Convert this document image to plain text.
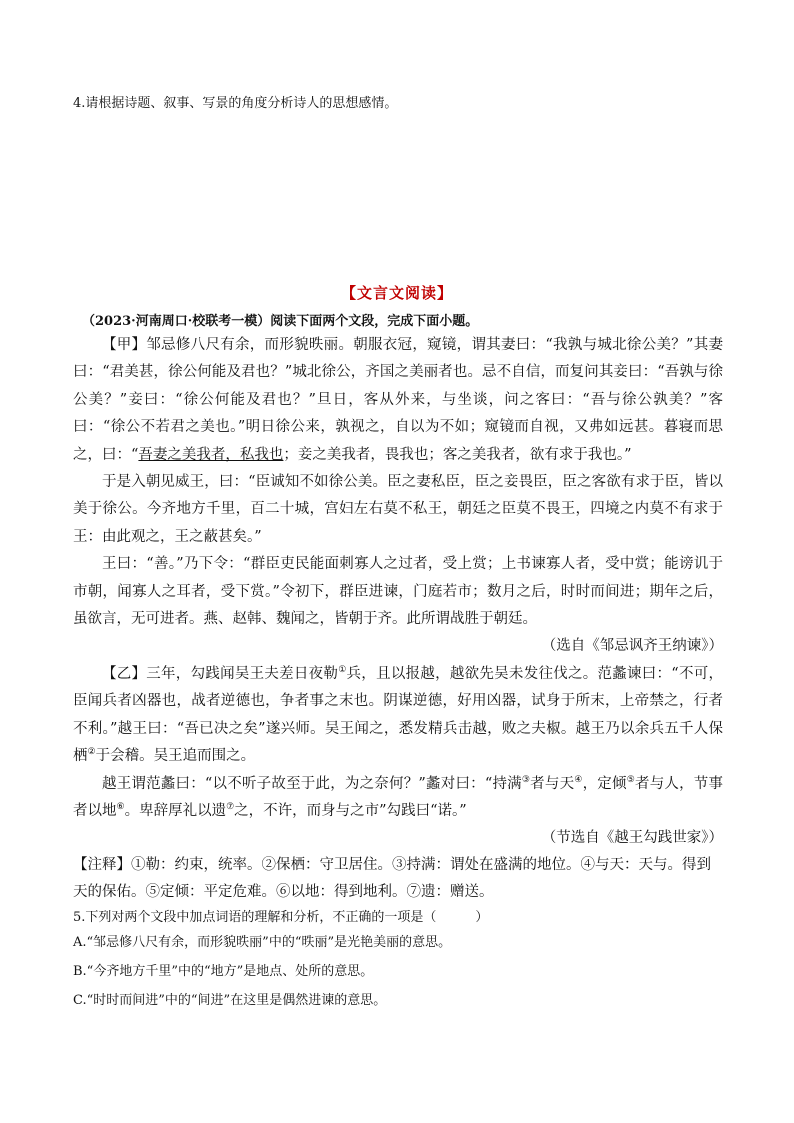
4.请根据诗题、叙事、写景的角度分析诗人的思想感情。
【文言文阅读】
（2023·河南周口·校联考一模）阅读下面两个文段，完成下面小题。

【甲】邹忌修八尺有余，而形貌昳丽。朝服衣冠，窥镜，谓其妻曰：“我孰与城北徐公美？”其妻曰：“君美甚，徐公何能及君也？”城北徐公，齐国之美丽者也。忌不自信，而复问其妾曰：“吾孰与徐公美？”妾曰：“徐公何能及君也？”旦日，客从外来，与坐谈，问之客曰：“吾与徐公孰美？”客曰：“徐公不若君之美也。”明日徐公来，孰视之，自以为不如；窥镜而自视，又弗如远甚。暮寝而思之，曰：“吾妻之美我者，私我也；妾之美我者，畏我也；客之美我者，欲有求于我也。”

于是入朝见威王，曰：“臣诚知不如徐公美。臣之妻私臣，臣之妾畏臣，臣之客欲有求于臣，皆以美于徐公。今齐地方千里，百二十城，宫妇左右莫不私王，朝廷之臣莫不畏王，四境之内莫不有求于王：由此观之，王之蔽甚矣。”

王曰：“善。”乃下令：“群臣吏民能面刺寡人之过者，受上赏；上书谏寡人者，受中赏；能谤讥于市朝，闻寡人之耳者，受下赏。”令初下，群臣进谏，门庭若市；数月之后，时时而间进；期年之后，虽欲言，无可进者。燕、赵韩、魏闻之，皆朝于齐。此所谓战胜于朝廷。

（选自《邹忌讽齐王纳谏》）

【乙】三年，勾践闻吴王夫差日夜勒①兵，且以报越，越欲先吴未发往伐之。范蠡谏曰：“不可，臣闻兵者凶器也，战者逆德也，争者事之末也。阴谋逆德，好用凶器，试身于所末，上帝禁之，行者不利。”越王曰：“吾已决之矣”遂兴师。吴王闻之，悉发精兵击越，败之夫椒。越王乃以余兵五千人保栖②于会稽。吴王追而围之。

越王谓范蠡曰：“以不听子故至于此，为之奈何？”蠡对曰：“持满③者与天④，定倾⑤者与人，节事者以地⑥。卑辞厚礼以遗⑦之，不许，而身与之市”勾践曰“诺。”

（节选自《越王勾践世家》）

【注释】①勒：约束，统率。②保栖：守卫居住。③持满：谓处在盛满的地位。④与天：天与。得到天的保佑。⑤定倾：平定危难。⑥以地：得到地利。⑦遗：赠送。

5.下列对两个文段中加点词语的理解和分析，不正确的一项是（　　　）
A.“邹忌修八尺有余，而形貌昳丽”中的“昳丽”是光艳美丽的意思。
B.“今齐地方千里”中的“地方”是地点、处所的意思。
C.“时时而间进”中的“间进”在这里是偶然进谏的意思。
